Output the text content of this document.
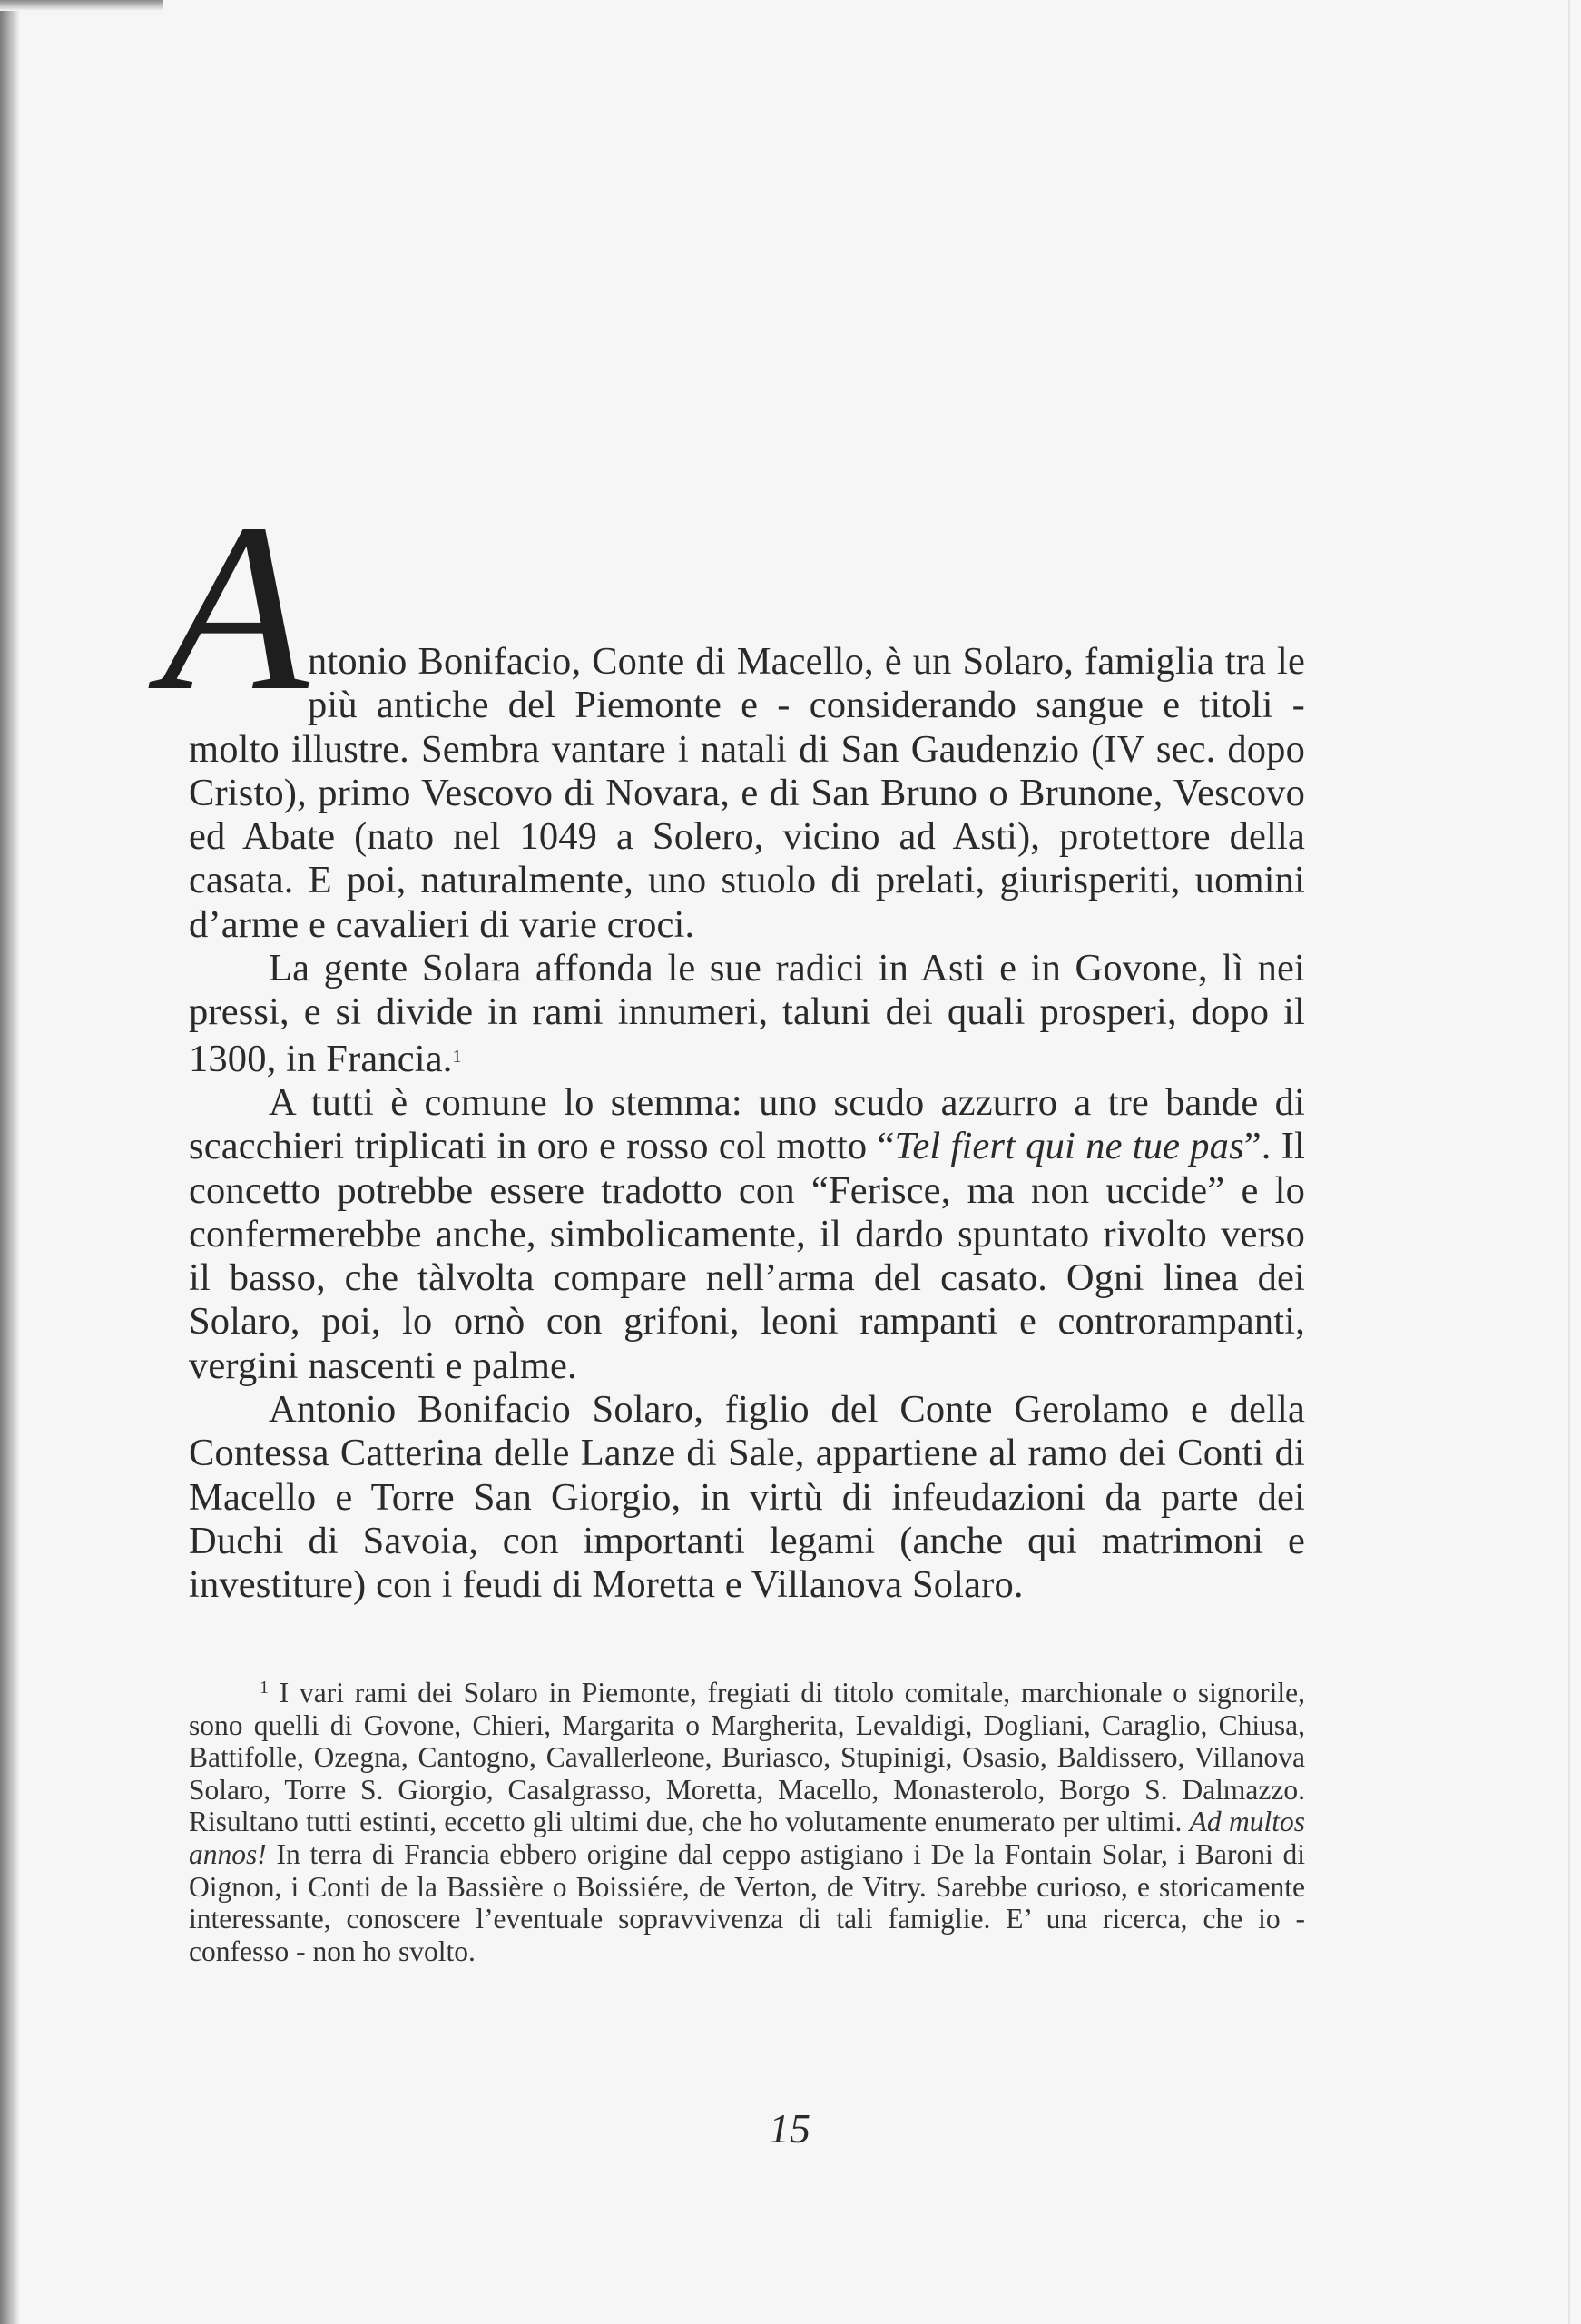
Antonio Bonifacio, Conte di Macello, è un Solaro, famiglia tra le più antiche del Piemonte e - considerando sangue e titoli - molto illustre. Sembra vantare i natali di San Gaudenzio (IV sec. dopo Cristo), primo Vescovo di Novara, e di San Bruno o Brunone, Vescovo ed Abate (nato nel 1049 a Solero, vicino ad Asti), protettore della casata. E poi, naturalmente, uno stuolo di prelati, giurisperiti, uomini d’arme e cavalieri di varie croci.

La gente Solara affonda le sue radici in Asti e in Govone, lì nei pressi, e si divide in rami innumeri, taluni dei quali prosperi, dopo il 1300, in Francia.$^1$

A tutti è comune lo stemma: uno scudo azzurro a tre bande di scacchieri triplicati in oro e rosso col motto “Tel fiert qui ne tue pas”. Il concetto potrebbe essere tradotto con “Ferisce, ma non uccide” e lo confermerebbe anche, simbolicamente, il dardo spuntato rivolto verso il basso, che tàlvolta compare nell’arma del casato. Ogni linea dei Solaro, poi, lo ornò con grifoni, leoni rampanti e controrampanti, vergini nascenti e palme.

Antonio Bonifacio Solaro, figlio del Conte Gerolamo e della Contessa Catterina delle Lanze di Sale, appartiene al ramo dei Conti di Macello e Torre San Giorgio, in virtù di infeudazioni da parte dei Duchi di Savoia, con importanti legami (anche qui matrimoni e investiture) con i feudi di Moretta e Villanova Solaro.

$^1$ I vari rami dei Solaro in Piemonte, fregiati di titolo comitale, marchionale o signorile, sono quelli di Govone, Chieri, Margarita o Margherita, Levaldigi, Dogliani, Caraglio, Chiusa, Battifolle, Ozegna, Cantogno, Cavallerleone, Buriasco, Stupinigi, Osasio, Baldissero, Villanova Solaro, Torre S. Giorgio, Casalgrasso, Moretta, Macello, Monasterolo, Borgo S. Dalmazzo. Risultano tutti estinti, eccetto gli ultimi due, che ho volutamente enumerato per ultimi. Ad multos annos! In terra di Francia ebbero origine dal ceppo astigiano i De la Fontain Solar, i Baroni di Oignon, i Conti de la Bassière o Boissiére, de Verton, de Vitry. Sarebbe curioso, e storicamente interessante, conoscere l’eventuale sopravvivenza di tali famiglie. E’ una ricerca, che io - confesso - non ho svolto.
15
